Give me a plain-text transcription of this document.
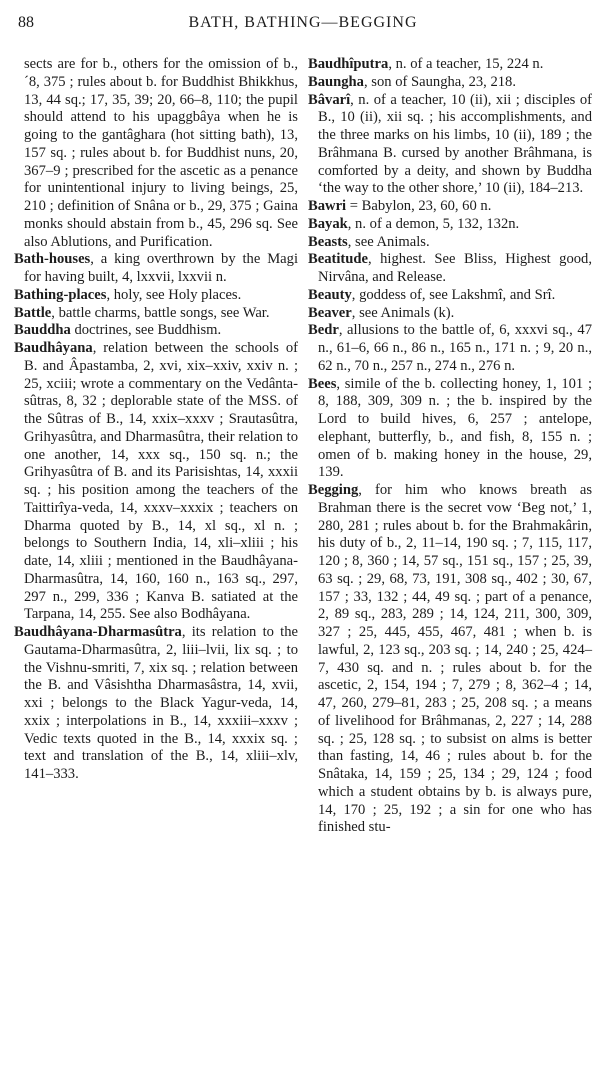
88	BATH, BATHING—BEGGING

sects are for b., others for the omission of b.,´8, 375 ; rules about b. for Buddhist Bhikkhus, 13, 44 sq.; 17, 35, 39; 20, 66–8, 110; the pupil should attend to his upaggbâya when he is going to the gantâghara (hot sitting bath), 13, 157 sq. ; rules about b. for Buddhist nuns, 20, 367–9 ; prescribed for the ascetic as a penance for unintentional injury to living beings, 25, 210 ; definition of Snâna or b., 29, 375 ; Gaina monks should abstain from b., 45, 296 sq. See also Ablutions, and Purification.

Bath-houses, a king overthrown by the Magi for having built, 4, lxxvii, lxxvii n.

Bathing-places, holy, see Holy places.

Battle, battle charms, battle songs, see War.

Bauddha doctrines, see Buddhism.

Baudhâyana, relation between the schools of B. and Âpastamba, 2, xvi, xix–xxiv, xxiv n. ; 25, xciii; wrote a commentary on the Vedânta-sûtras, 8, 32 ; deplorable state of the MSS. of the Sûtras of B., 14, xxix–xxxv ; Srautasûtra, Grihyasûtra, and Dharmasûtra, their relation to one another, 14, xxx sq., 150 sq. n.; the Grihyasûtra of B. and its Parisishtas, 14, xxxii sq. ; his position among the teachers of the Taittirîya-veda, 14, xxxv–xxxix ; teachers on Dharma quoted by B., 14, xl sq., xl n. ; belongs to Southern India, 14, xli–xliii ; his date, 14, xliii ; mentioned in the Baudhâyana-Dharmasûtra, 14, 160, 160 n., 163 sq., 297, 297 n., 299, 336 ; Kanva B. satiated at the Tarpana, 14, 255. See also Bodhâyana.

Baudhâyana-Dharmasûtra, its relation to the Gautama-Dharmasûtra, 2, liii–lvii, lix sq. ; to the Vishnu-smriti, 7, xix sq. ; relation between the B. and Vâsishtha Dharmasâstra, 14, xvii, xxi ; belongs to the Black Yagur-veda, 14, xxix ; interpolations in B., 14, xxxiii–xxxv ; Vedic texts quoted in the B., 14, xxxix sq. ; text and translation of the B., 14, xliii–xlv, 141–333.

Baudhîputra, n. of a teacher, 15, 224 n.

Baungha, son of Saungha, 23, 218.

Bâvarî, n. of a teacher, 10 (ii), xii ; disciples of B., 10 (ii), xii sq. ; his accomplishments, and the three marks on his limbs, 10 (ii), 189 ; the Brâhmana B. cursed by another Brâhmana, is comforted by a deity, and shown by Buddha ‘the way to the other shore,’ 10 (ii), 184–213.

Bawri = Babylon, 23, 60, 60 n.

Bayak, n. of a demon, 5, 132, 132n.

Beasts, see Animals.

Beatitude, highest. See Bliss, Highest good, Nirvâna, and Release.

Beauty, goddess of, see Lakshmî, and Srî.

Beaver, see Animals (k).

Bedr, allusions to the battle of, 6, xxxvi sq., 47 n., 61–6, 66 n., 86 n., 165 n., 171 n. ; 9, 20 n., 62 n., 70 n., 257 n., 274 n., 276 n.

Bees, simile of the b. collecting honey, 1, 101 ; 8, 188, 309, 309 n. ; the b. inspired by the Lord to build hives, 6, 257 ; antelope, elephant, butterfly, b., and fish, 8, 155 n. ; omen of b. making honey in the house, 29, 139.

Begging, for him who knows breath as Brahman there is the secret vow ‘Beg not,’ 1, 280, 281 ; rules about b. for the Brahmakârin, his duty of b., 2, 11–14, 190 sq. ; 7, 115, 117, 120 ; 8, 360 ; 14, 57 sq., 151 sq., 157 ; 25, 39, 63 sq. ; 29, 68, 73, 191, 308 sq., 402 ; 30, 67, 157 ; 33, 132 ; 44, 49 sq. ; part of a penance, 2, 89 sq., 283, 289 ; 14, 124, 211, 300, 309, 327 ; 25, 445, 455, 467, 481 ; when b. is lawful, 2, 123 sq., 203 sq. ; 14, 240 ; 25, 424–7, 430 sq. and n. ; rules about b. for the ascetic, 2, 154, 194 ; 7, 279 ; 8, 362–4 ; 14, 47, 260, 279–81, 283 ; 25, 208 sq. ; a means of livelihood for Brâhmanas, 2, 227 ; 14, 288 sq. ; 25, 128 sq. ; to subsist on alms is better than fasting, 14, 46 ; rules about b. for the Snâtaka, 14, 159 ; 25, 134 ; 29, 124 ; food which a student obtains by b. is always pure, 14, 170 ; 25, 192 ; a sin for one who has finished stu-
